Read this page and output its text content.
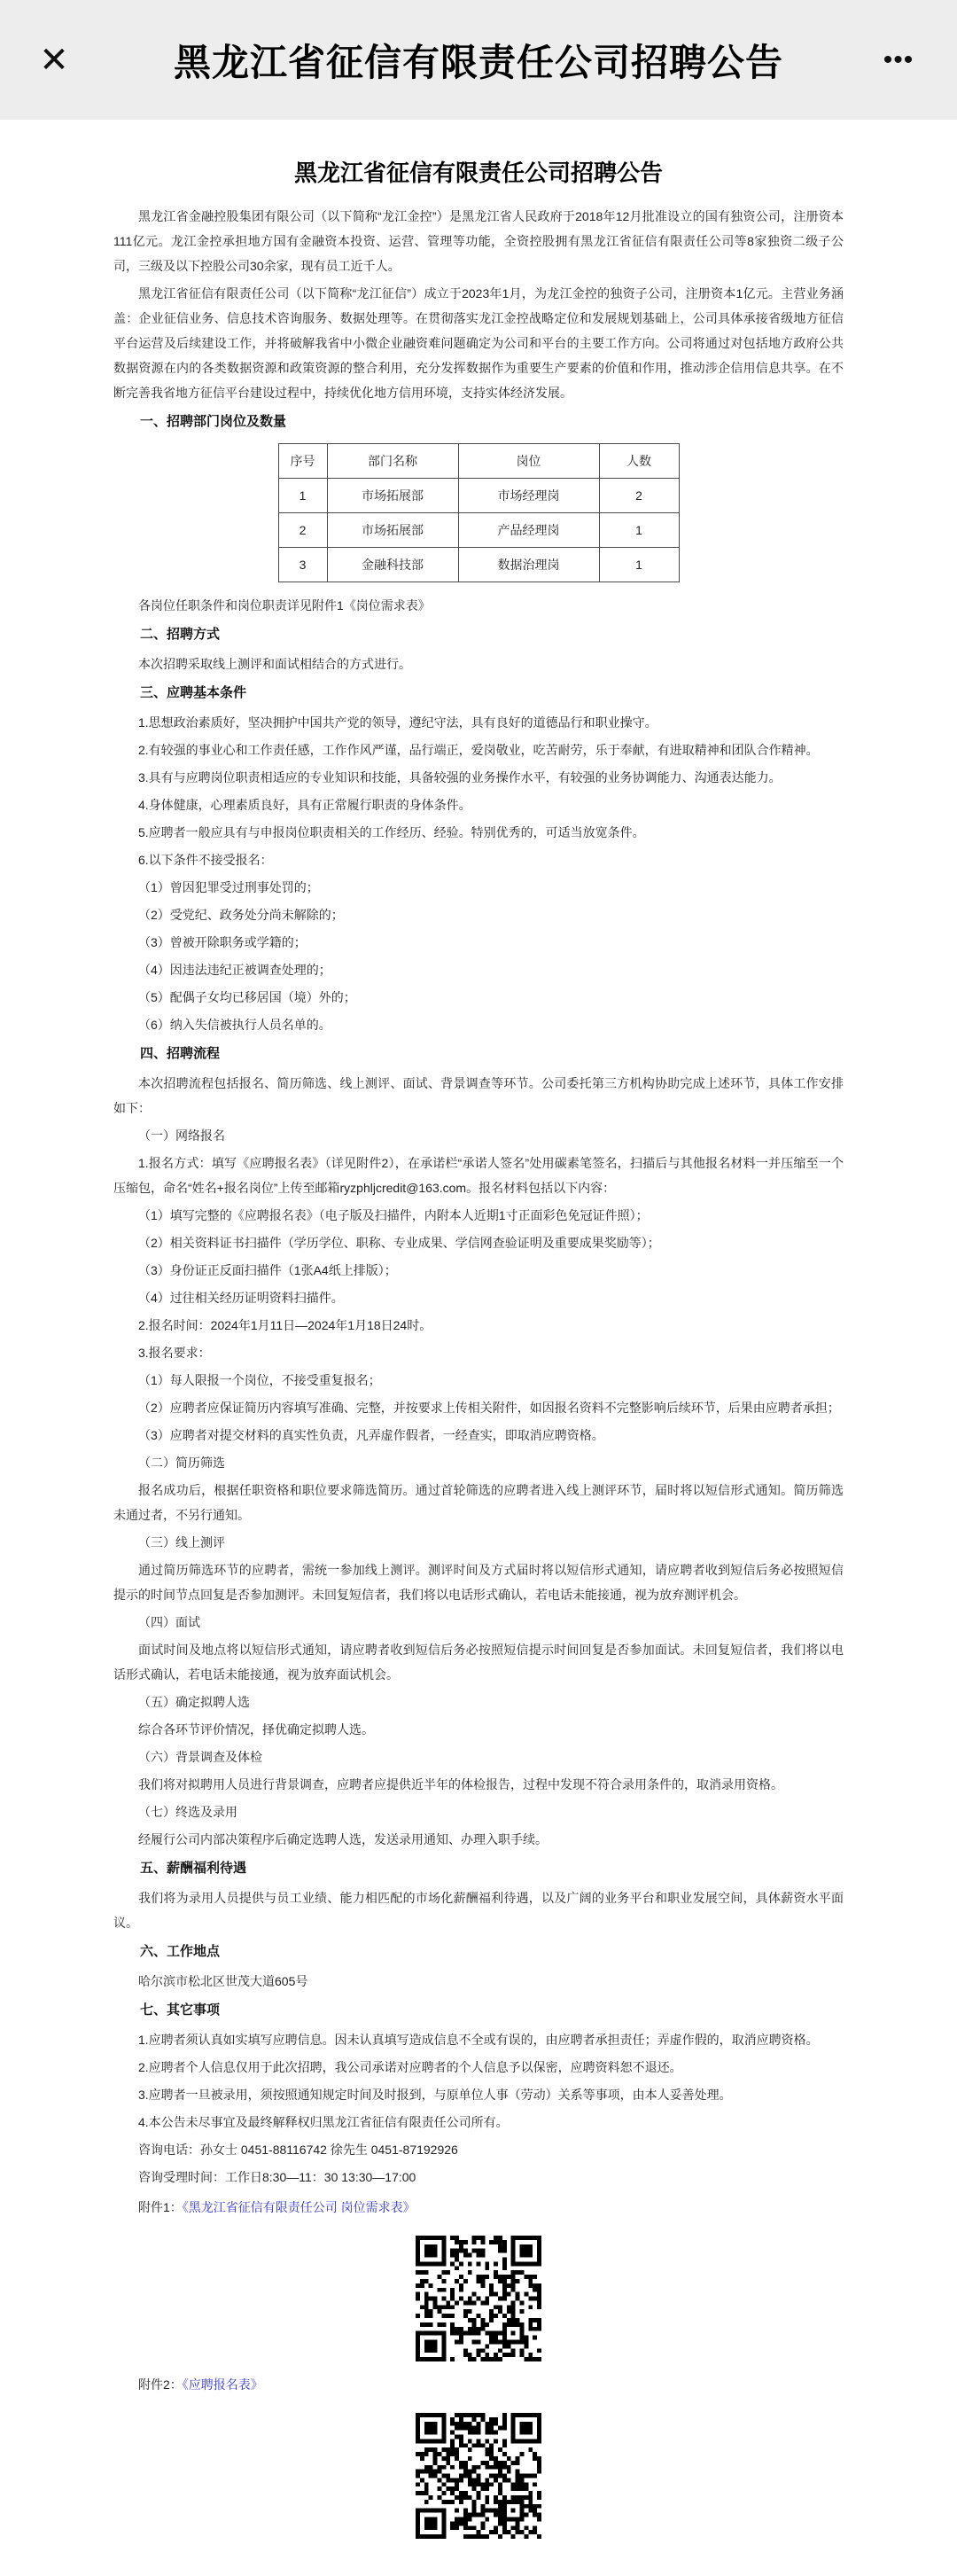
✕	黑龙江省征信有限责任公司招聘公告	•••
黑龙江省征信有限责任公司招聘公告
黑龙江省金融控股集团有限公司（以下简称“龙江金控”）是黑龙江省人民政府于2018年12月批准设立的国有独资公司，注册资本111亿元。龙江金控承担地方国有金融资本投资、运营、管理等功能，全资控股拥有黑龙江省征信有限责任公司等8家独资二级子公司，三级及以下控股公司30余家，现有员工近千人。
黑龙江省征信有限责任公司（以下简称“龙江征信”）成立于2023年1月，为龙江金控的独资子公司，注册资本1亿元。主营业务涵盖：企业征信业务、信息技术咨询服务、数据处理等。在贯彻落实龙江金控战略定位和发展规划基础上，公司具体承接省级地方征信平台运营及后续建设工作，并将破解我省中小微企业融资难问题确定为公司和平台的主要工作方向。公司将通过对包括地方政府公共数据资源在内的各类数据资源和政策资源的整合利用，充分发挥数据作为重要生产要素的价值和作用，推动涉企信用信息共享。在不断完善我省地方征信平台建设过程中，持续优化地方信用环境，支持实体经济发展。
一、招聘部门岗位及数量
序号	部门名称	岗位	人数
1	市场拓展部	市场经理岗	2
2	市场拓展部	产品经理岗	1
3	金融科技部	数据治理岗	1
各岗位任职条件和岗位职责详见附件1《岗位需求表》
二、招聘方式
本次招聘采取线上测评和面试相结合的方式进行。
三、应聘基本条件
1.思想政治素质好，坚决拥护中国共产党的领导，遵纪守法，具有良好的道德品行和职业操守。
2.有较强的事业心和工作责任感，工作作风严谨，品行端正，爱岗敬业，吃苦耐劳，乐于奉献，有进取精神和团队合作精神。
3.具有与应聘岗位职责相适应的专业知识和技能，具备较强的业务操作水平，有较强的业务协调能力、沟通表达能力。
4.身体健康，心理素质良好，具有正常履行职责的身体条件。
5.应聘者一般应具有与申报岗位职责相关的工作经历、经验。特别优秀的，可适当放宽条件。
6.以下条件不接受报名：
（1）曾因犯罪受过刑事处罚的；
（2）受党纪、政务处分尚未解除的；
（3）曾被开除职务或学籍的；
（4）因违法违纪正被调查处理的；
（5）配偶子女均已移居国（境）外的；
（6）纳入失信被执行人员名单的。
四、招聘流程
本次招聘流程包括报名、简历筛选、线上测评、面试、背景调查等环节。公司委托第三方机构协助完成上述环节，具体工作安排如下：
（一）网络报名
1.报名方式：填写《应聘报名表》（详见附件2），在承诺栏“承诺人签名”处用碳素笔签名，扫描后与其他报名材料一并压缩至一个压缩包，命名“姓名+报名岗位”上传至邮箱ryzphljcredit@163.com。报名材料包括以下内容：
（1）填写完整的《应聘报名表》（电子版及扫描件，内附本人近期1寸正面彩色免冠证件照）；
（2）相关资料证书扫描件（学历学位、职称、专业成果、学信网查验证明及重要成果奖励等）；
（3）身份证正反面扫描件（1张A4纸上排版）；
（4）过往相关经历证明资料扫描件。
2.报名时间：2024年1月11日—2024年1月18日24时。
3.报名要求：
（1）每人限报一个岗位，不接受重复报名；
（2）应聘者应保证简历内容填写准确、完整，并按要求上传相关附件，如因报名资料不完整影响后续环节，后果由应聘者承担；
（3）应聘者对提交材料的真实性负责，凡弄虚作假者，一经查实，即取消应聘资格。
（二）简历筛选
报名成功后，根据任职资格和职位要求筛选简历。通过首轮筛选的应聘者进入线上测评环节，届时将以短信形式通知。简历筛选未通过者，不另行通知。
（三）线上测评
通过简历筛选环节的应聘者，需统一参加线上测评。测评时间及方式届时将以短信形式通知，请应聘者收到短信后务必按照短信提示的时间节点回复是否参加测评。未回复短信者，我们将以电话形式确认，若电话未能接通，视为放弃测评机会。
（四）面试
面试时间及地点将以短信形式通知，请应聘者收到短信后务必按照短信提示时间回复是否参加面试。未回复短信者，我们将以电话形式确认，若电话未能接通，视为放弃面试机会。
（五）确定拟聘人选
综合各环节评价情况，择优确定拟聘人选。
（六）背景调查及体检
我们将对拟聘用人员进行背景调查，应聘者应提供近半年的体检报告，过程中发现不符合录用条件的，取消录用资格。
（七）终选及录用
经履行公司内部决策程序后确定选聘人选，发送录用通知、办理入职手续。
五、薪酬福利待遇
我们将为录用人员提供与员工业绩、能力相匹配的市场化薪酬福利待遇，以及广阔的业务平台和职业发展空间，具体薪资水平面议。
六、工作地点
哈尔滨市松北区世茂大道605号
七、其它事项
1.应聘者须认真如实填写应聘信息。因未认真填写造成信息不全或有误的，由应聘者承担责任；弄虚作假的，取消应聘资格。
2.应聘者个人信息仅用于此次招聘，我公司承诺对应聘者的个人信息予以保密，应聘资料恕不退还。
3.应聘者一旦被录用，须按照通知规定时间及时报到，与原单位人事（劳动）关系等事项，由本人妥善处理。
4.本公告未尽事宜及最终解释权归黑龙江省征信有限责任公司所有。
咨询电话：孙女士 0451-88116742 徐先生 0451-87192926
咨询受理时间：工作日8:30—11：30 13:30—17:00
附件1：《黑龙江省征信有限责任公司 岗位需求表》
附件2：《应聘报名表》
